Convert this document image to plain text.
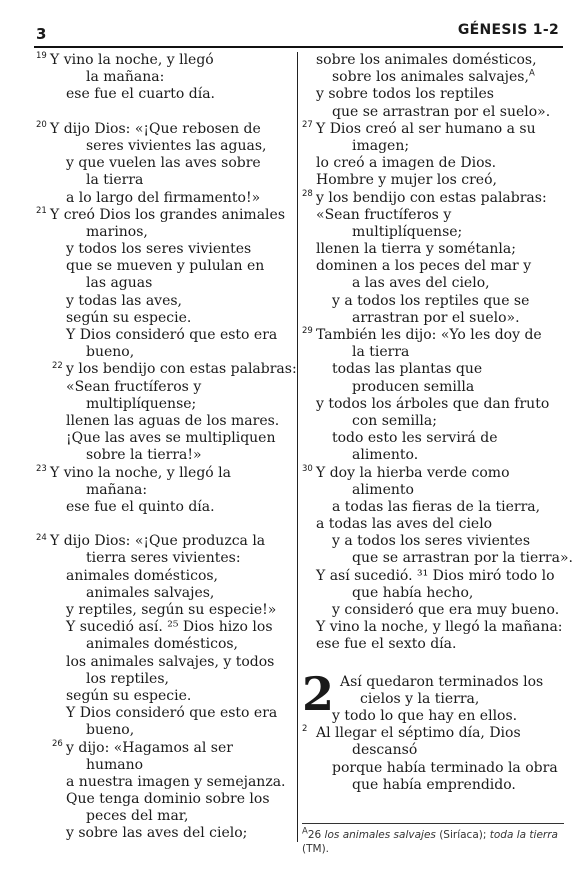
3	GÉNESIS 1-2
19 Y vino la noche, y llegó
la mañana:
ese fue el cuarto día.
20 Y dijo Dios: «¡Que rebosen de
seres vivientes las aguas,
y que vuelen las aves sobre
la tierra
a lo largo del firmamento!»
21 Y creó Dios los grandes animales
marinos,
y todos los seres vivientes
que se mueven y pululan en
las aguas
y todas las aves,
según su especie.
Y Dios consideró que esto era
bueno,
22 y los bendijo con estas palabras:
«Sean fructíferos y
multiplíquense;
llenen las aguas de los mares.
¡Que las aves se multipliquen
sobre la tierra!»
23 Y vino la noche, y llegó la
mañana:
ese fue el quinto día.
24 Y dijo Dios: «¡Que produzca la
tierra seres vivientes:
animales domésticos,
animales salvajes,
y reptiles, según su especie!»
Y sucedió así. ²⁵ Dios hizo los
animales domésticos,
los animales salvajes, y todos
los reptiles,
según su especie.
Y Dios consideró que esto era
bueno,
26 y dijo: «Hagamos al ser
humano
a nuestra imagen y semejanza.
Que tenga dominio sobre los
peces del mar,
y sobre las aves del cielo;
sobre los animales domésticos,
sobre los animales salvajes,$^A$
y sobre todos los reptiles
que se arrastran por el suelo».
27 Y Dios creó al ser humano a su
imagen;
lo creó a imagen de Dios.
Hombre y mujer los creó,
28 y los bendijo con estas palabras:
«Sean fructíferos y
multiplíquense;
llenen la tierra y sométanla;
dominen a los peces del mar y
a las aves del cielo,
y a todos los reptiles que se
arrastran por el suelo».
29 También les dijo: «Yo les doy de
la tierra
todas las plantas que
producen semilla
y todos los árboles que dan fruto
con semilla;
todo esto les servirá de
alimento.
30 Y doy la hierba verde como
alimento
a todas las fieras de la tierra,
a todas las aves del cielo
y a todos los seres vivientes
que se arrastran por la tierra».
Y así sucedió. ³¹ Dios miró todo lo
que había hecho,
y consideró que era muy bueno.
Y vino la noche, y llegó la mañana:
ese fue el sexto día.
2 Así quedaron terminados los
cielos y la tierra,
y todo lo que hay en ellos.
2 Al llegar el séptimo día, Dios
descansó
porque había terminado la obra
que había emprendido.
$^A$26 los animales salvajes (Siríaca); toda la tierra (TM).
